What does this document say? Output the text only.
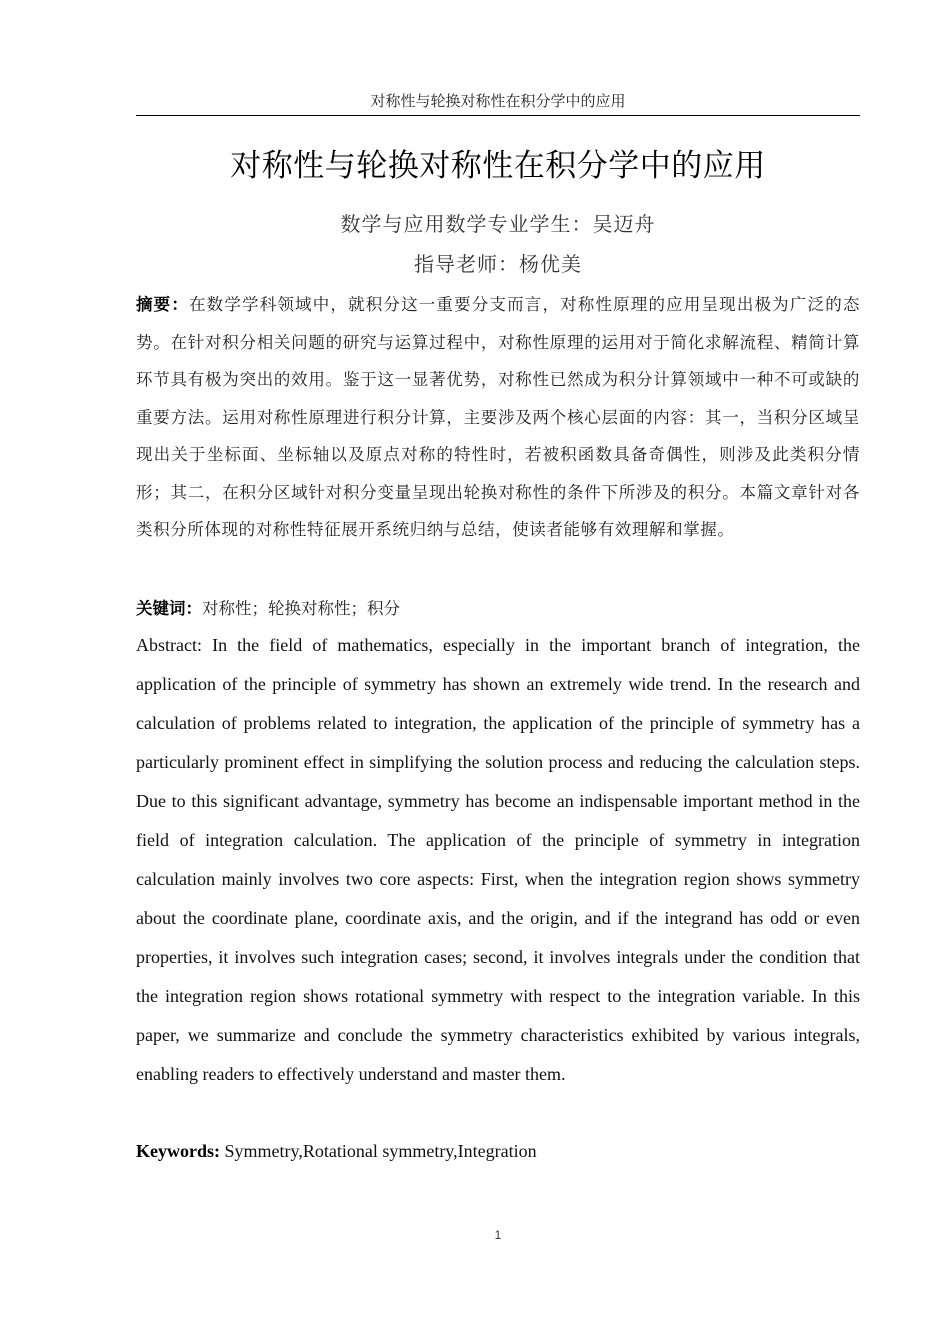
对称性与轮换对称性在积分学中的应用
对称性与轮换对称性在积分学中的应用
数学与应用数学专业学生：吴迈舟
指导老师：杨优美
摘要：在数学学科领域中，就积分这一重要分支而言，对称性原理的应用呈现出极为广泛的态势。在针对积分相关问题的研究与运算过程中，对称性原理的运用对于简化求解流程、精简计算环节具有极为突出的效用。鉴于这一显著优势，对称性已然成为积分计算领域中一种不可或缺的重要方法。运用对称性原理进行积分计算，主要涉及两个核心层面的内容：其一，当积分区域呈现出关于坐标面、坐标轴以及原点对称的特性时，若被积函数具备奇偶性，则涉及此类积分情形；其二，在积分区域针对积分变量呈现出轮换对称性的条件下所涉及的积分。本篇文章针对各类积分所体现的对称性特征展开系统归纳与总结，使读者能够有效理解和掌握。
关键词：对称性；轮换对称性；积分
Abstract: In the field of mathematics, especially in the important branch of integration, the application of the principle of symmetry has shown an extremely wide trend. In the research and calculation of problems related to integration, the application of the principle of symmetry has a particularly prominent effect in simplifying the solution process and reducing the calculation steps. Due to this significant advantage, symmetry has become an indispensable important method in the field of integration calculation. The application of the principle of symmetry in integration calculation mainly involves two core aspects: First, when the integration region shows symmetry about the coordinate plane, coordinate axis, and the origin, and if the integrand has odd or even properties, it involves such integration cases; second, it involves integrals under the condition that the integration region shows rotational symmetry with respect to the integration variable. In this paper, we summarize and conclude the symmetry characteristics exhibited by various integrals, enabling readers to effectively understand and master them.
Keywords: Symmetry,Rotational symmetry,Integration
1
